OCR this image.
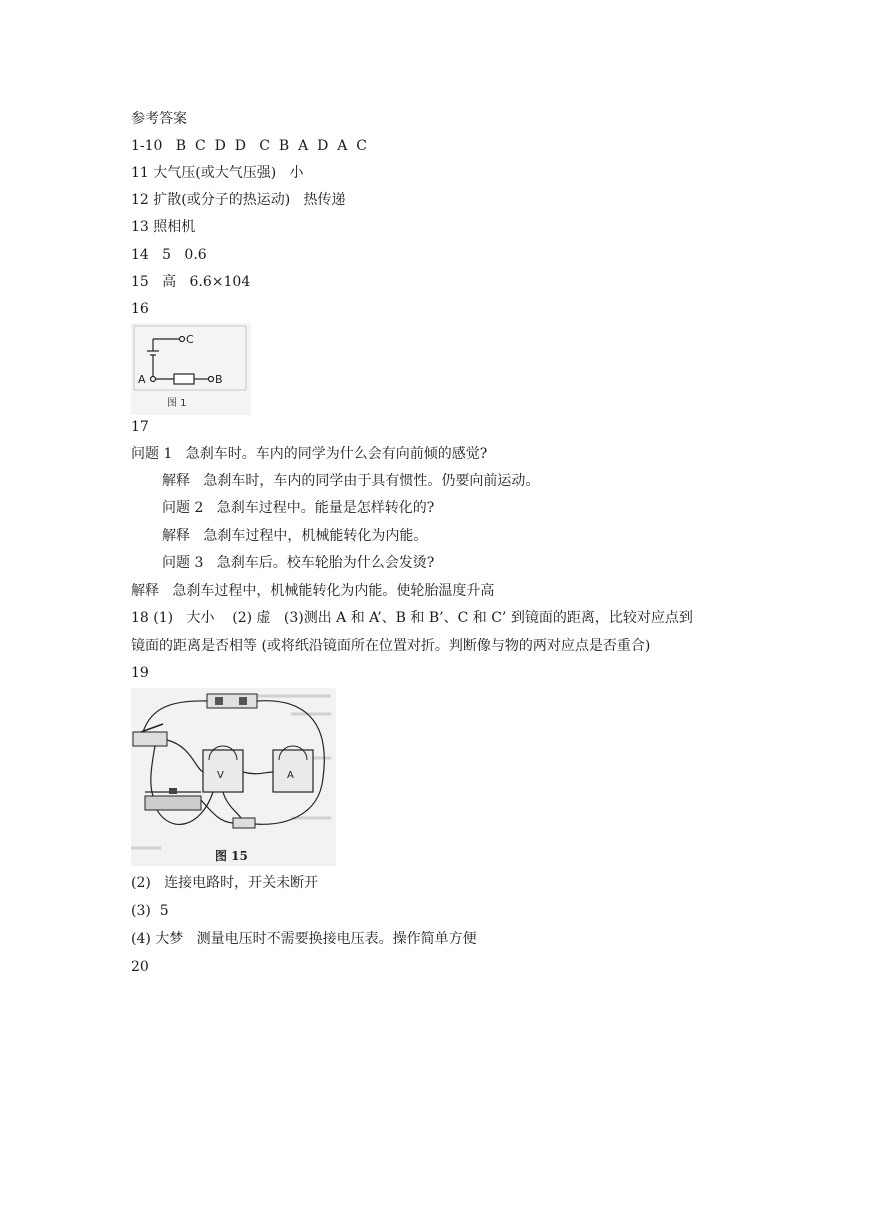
参考答案
1-10   B  C  D  D   C  B  A  D  A  C
11 大气压(或大气压强)   小
12 扩散(或分子的热运动)   热传递
13 照相机
14   5   0.6
15   高   6.6×104
16
C
A	B
图 1
17
问题 1   急刹车时。车内的同学为什么会有向前倾的感觉?
解释   急刹车时，车内的同学由于具有惯性。仍要向前运动。
问题 2   急刹车过程中。能量是怎样转化的?
解释   急刹车过程中，机械能转化为内能。
问题 3   急刹车后。校车轮胎为什么会发烫?
解释   急刹车过程中，机械能转化为内能。使轮胎温度升高
18 (1)   大小    (2) 虚   (3)测出 A 和 A’、B 和 B’、C 和 C’ 到镜面的距离，比较对应点到
镜面的距离是否相等 (或将纸沿镜面所在位置对折。判断像与物的两对应点是否重合)
19
V	A
图 15
(2)   连接电路时，开关未断开
(3)  5
(4) 大梦   测量电压时不需要换接电压表。操作简单方便
20
